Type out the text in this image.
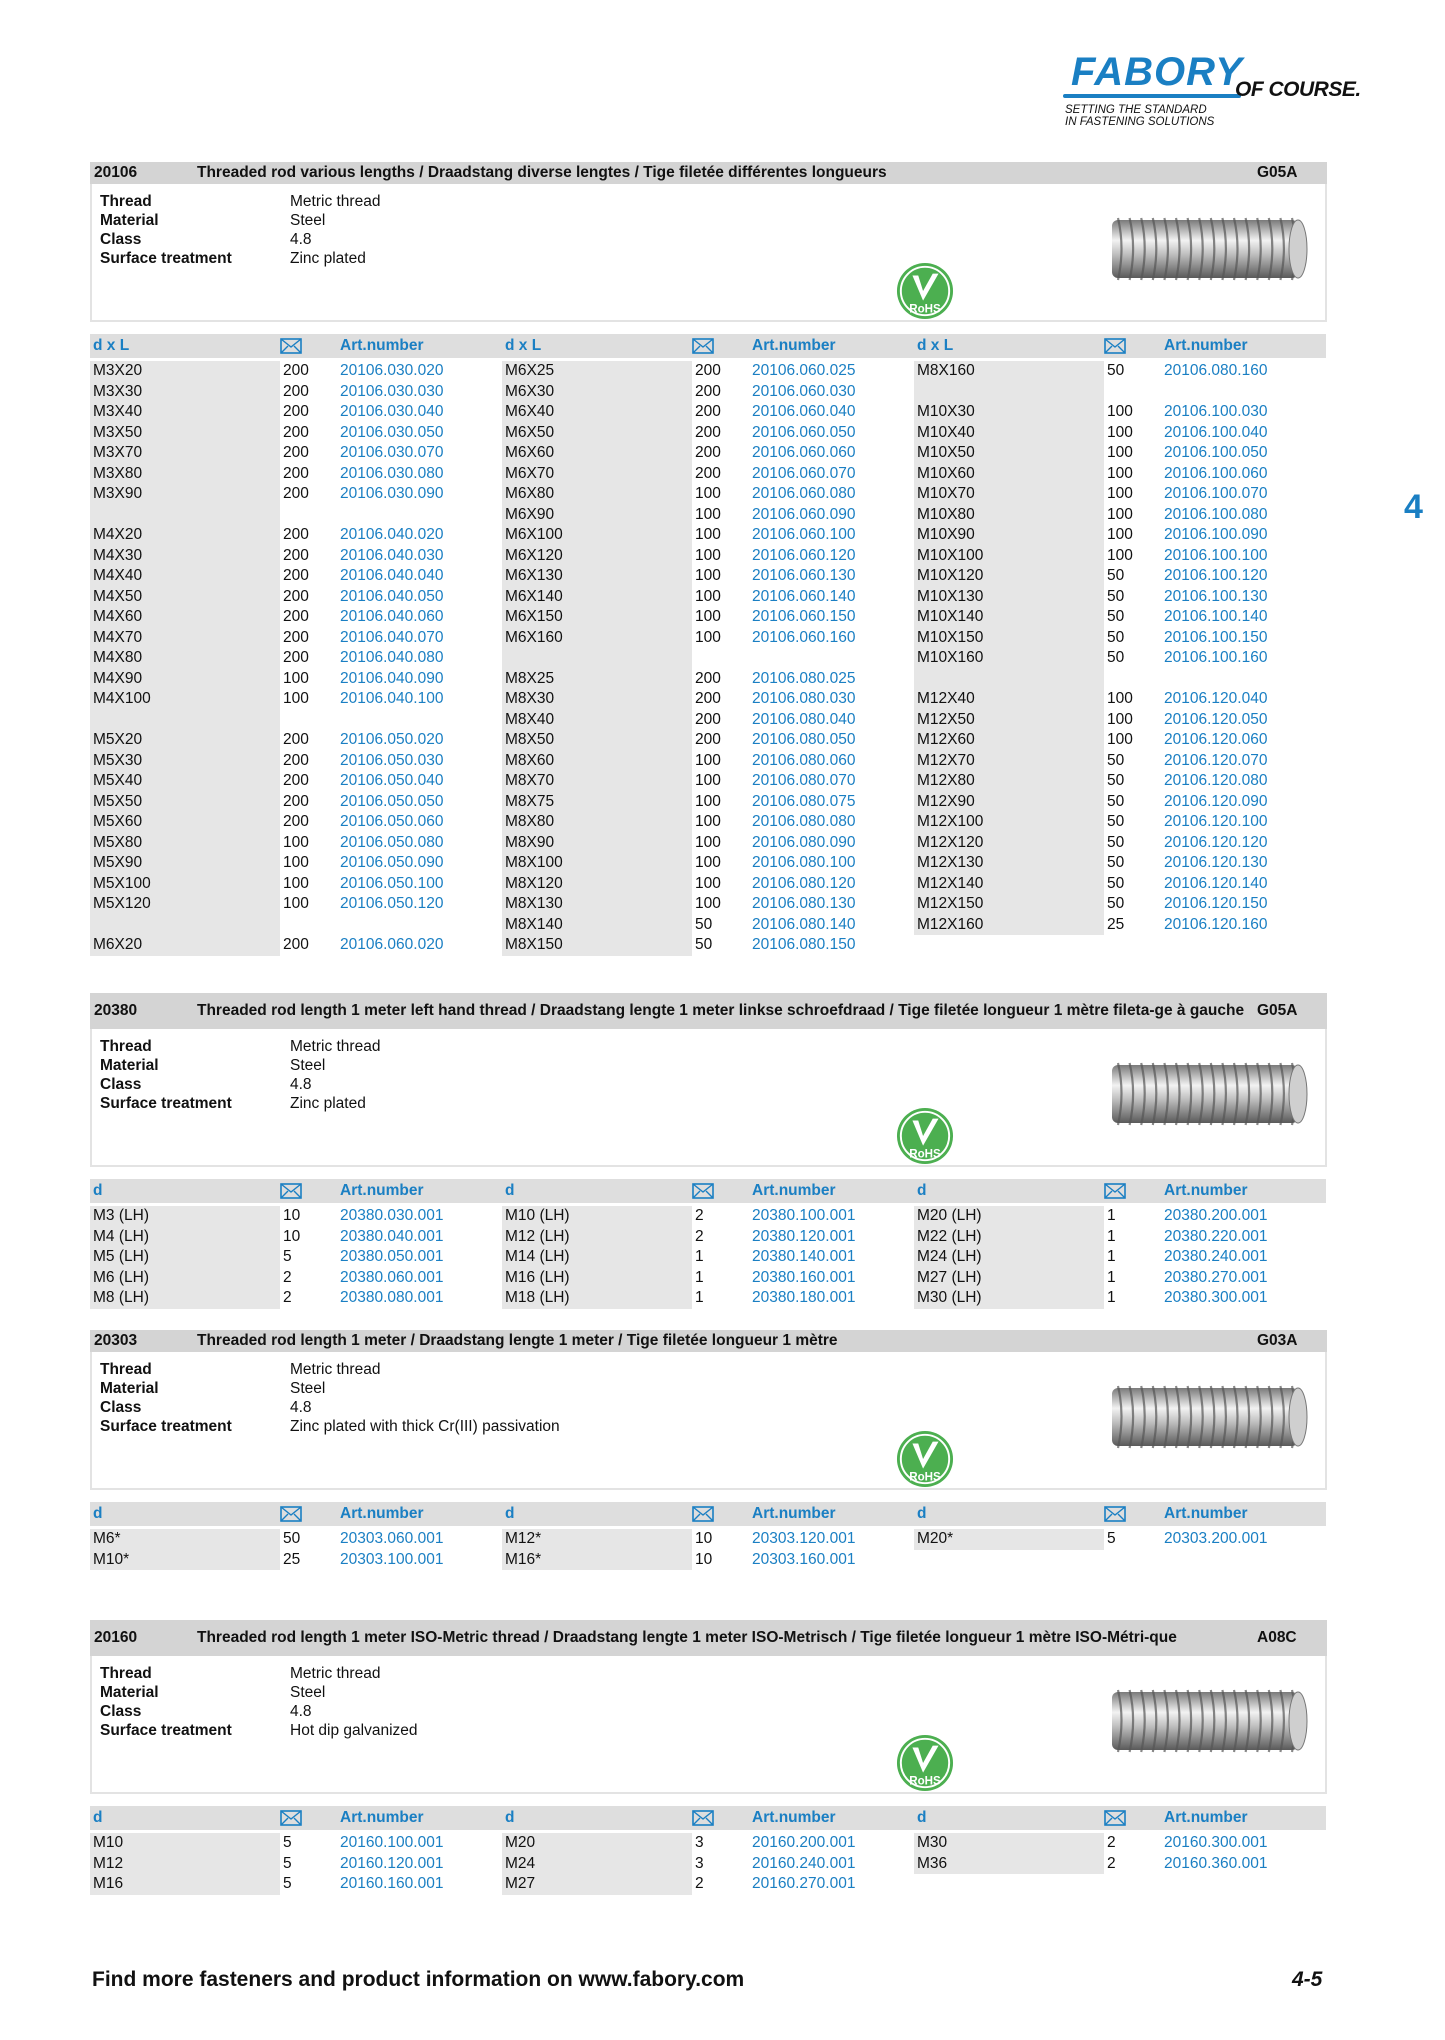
FABORY
OF COURSE.
SETTING THE STANDARD
IN FASTENING SOLUTIONS
4
20106	Threaded rod various lengths / Draadstang diverse lengtes / Tige filetée différentes longueurs	G05A
Thread	Metric thread
Material	Steel
Class	4.8
Surface treatment	Zinc plated
RoHS
d x L	Art.number
M3X20	200	20106.030.020
M3X30	200	20106.030.030
M3X40	200	20106.030.040
M3X50	200	20106.030.050
M3X70	200	20106.030.070
M3X80	200	20106.030.080
M3X90	200	20106.030.090
M4X20	200	20106.040.020
M4X30	200	20106.040.030
M4X40	200	20106.040.040
M4X50	200	20106.040.050
M4X60	200	20106.040.060
M4X70	200	20106.040.070
M4X80	200	20106.040.080
M4X90	100	20106.040.090
M4X100	100	20106.040.100
M5X20	200	20106.050.020
M5X30	200	20106.050.030
M5X40	200	20106.050.040
M5X50	200	20106.050.050
M5X60	200	20106.050.060
M5X80	100	20106.050.080
M5X90	100	20106.050.090
M5X100	100	20106.050.100
M5X120	100	20106.050.120
M6X20	200	20106.060.020
d x L	Art.number
M6X25	200	20106.060.025
M6X30	200	20106.060.030
M6X40	200	20106.060.040
M6X50	200	20106.060.050
M6X60	200	20106.060.060
M6X70	200	20106.060.070
M6X80	100	20106.060.080
M6X90	100	20106.060.090
M6X100	100	20106.060.100
M6X120	100	20106.060.120
M6X130	100	20106.060.130
M6X140	100	20106.060.140
M6X150	100	20106.060.150
M6X160	100	20106.060.160
M8X25	200	20106.080.025
M8X30	200	20106.080.030
M8X40	200	20106.080.040
M8X50	200	20106.080.050
M8X60	100	20106.080.060
M8X70	100	20106.080.070
M8X75	100	20106.080.075
M8X80	100	20106.080.080
M8X90	100	20106.080.090
M8X100	100	20106.080.100
M8X120	100	20106.080.120
M8X130	100	20106.080.130
M8X140	50	20106.080.140
M8X150	50	20106.080.150
d x L	Art.number
M8X160	50	20106.080.160
M10X30	100	20106.100.030
M10X40	100	20106.100.040
M10X50	100	20106.100.050
M10X60	100	20106.100.060
M10X70	100	20106.100.070
M10X80	100	20106.100.080
M10X90	100	20106.100.090
M10X100	100	20106.100.100
M10X120	50	20106.100.120
M10X130	50	20106.100.130
M10X140	50	20106.100.140
M10X150	50	20106.100.150
M10X160	50	20106.100.160
M12X40	100	20106.120.040
M12X50	100	20106.120.050
M12X60	100	20106.120.060
M12X70	50	20106.120.070
M12X80	50	20106.120.080
M12X90	50	20106.120.090
M12X100	50	20106.120.100
M12X120	50	20106.120.120
M12X130	50	20106.120.130
M12X140	50	20106.120.140
M12X150	50	20106.120.150
M12X160	25	20106.120.160
20380	Threaded rod length 1 meter left hand thread / Draadstang lengte 1 meter linkse schroefdraad / Tige filetée longueur 1 mètre fileta-ge à gauche G05A
Thread	Metric thread
Material	Steel
Class	4.8
Surface treatment	Zinc plated
RoHS
d	Art.number
M3 (LH)	10	20380.030.001
M4 (LH)	10	20380.040.001
M5 (LH)	5	20380.050.001
M6 (LH)	2	20380.060.001
M8 (LH)	2	20380.080.001
d	Art.number
M10 (LH)	2	20380.100.001
M12 (LH)	2	20380.120.001
M14 (LH)	1	20380.140.001
M16 (LH)	1	20380.160.001
M18 (LH)	1	20380.180.001
d	Art.number
M20 (LH)	1	20380.200.001
M22 (LH)	1	20380.220.001
M24 (LH)	1	20380.240.001
M27 (LH)	1	20380.270.001
M30 (LH)	1	20380.300.001
20303	Threaded rod length 1 meter / Draadstang lengte 1 meter / Tige filetée longueur 1 mètre	G03A
Thread	Metric thread
Material	Steel
Class	4.8
Surface treatment	Zinc plated with thick Cr(III) passivation
RoHS
d	Art.number
M6*	50	20303.060.001
M10*	25	20303.100.001
d	Art.number
M12*	10	20303.120.001
M16*	10	20303.160.001
d	Art.number
M20*	5	20303.200.001
20160	Threaded rod length 1 meter ISO-Metric thread / Draadstang lengte 1 meter ISO-Metrisch / Tige filetée longueur 1 mètre ISO-Métri-que	A08C
Thread	Metric thread
Material	Steel
Class	4.8
Surface treatment	Hot dip galvanized
RoHS
d	Art.number
M10	5	20160.100.001
M12	5	20160.120.001
M16	5	20160.160.001
d	Art.number
M20	3	20160.200.001
M24	3	20160.240.001
M27	2	20160.270.001
d	Art.number
M30	2	20160.300.001
M36	2	20160.360.001
Find more fasteners and product information on www.fabory.com	4-5
